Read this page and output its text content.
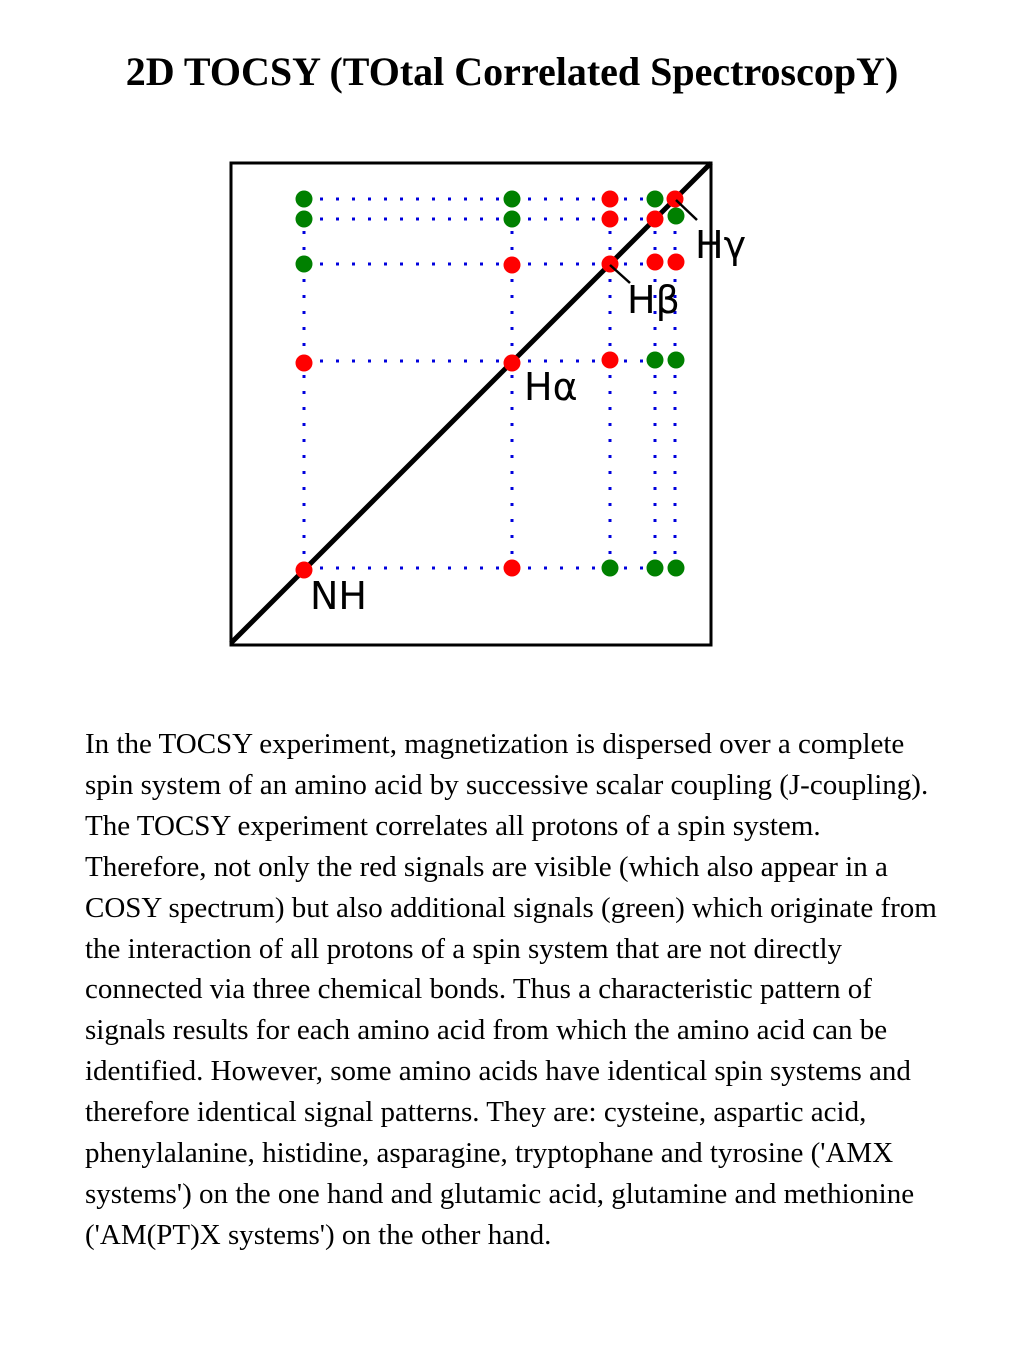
2D TOCSY (TOtal Correlated SpectroscopY)
NH
Hα
Hβ
Hγ

In the TOCSY experiment, magnetization is dispersed over a complete spin system of an amino acid by successive scalar coupling (J-coupling). The TOCSY experiment correlates all protons of a spin system. Therefore, not only the red signals are visible (which also appear in a COSY spectrum) but also additional signals (green) which originate from the interaction of all protons of a spin system that are not directly connected via three chemical bonds. Thus a characteristic pattern of signals results for each amino acid from which the amino acid can be identified. However, some amino acids have identical spin systems and therefore identical signal patterns. They are: cysteine, aspartic acid, phenylalanine, histidine, asparagine, tryptophane and tyrosine ('AMX systems') on the one hand and glutamic acid, glutamine and methionine ('AM(PT)X systems') on the other hand.
